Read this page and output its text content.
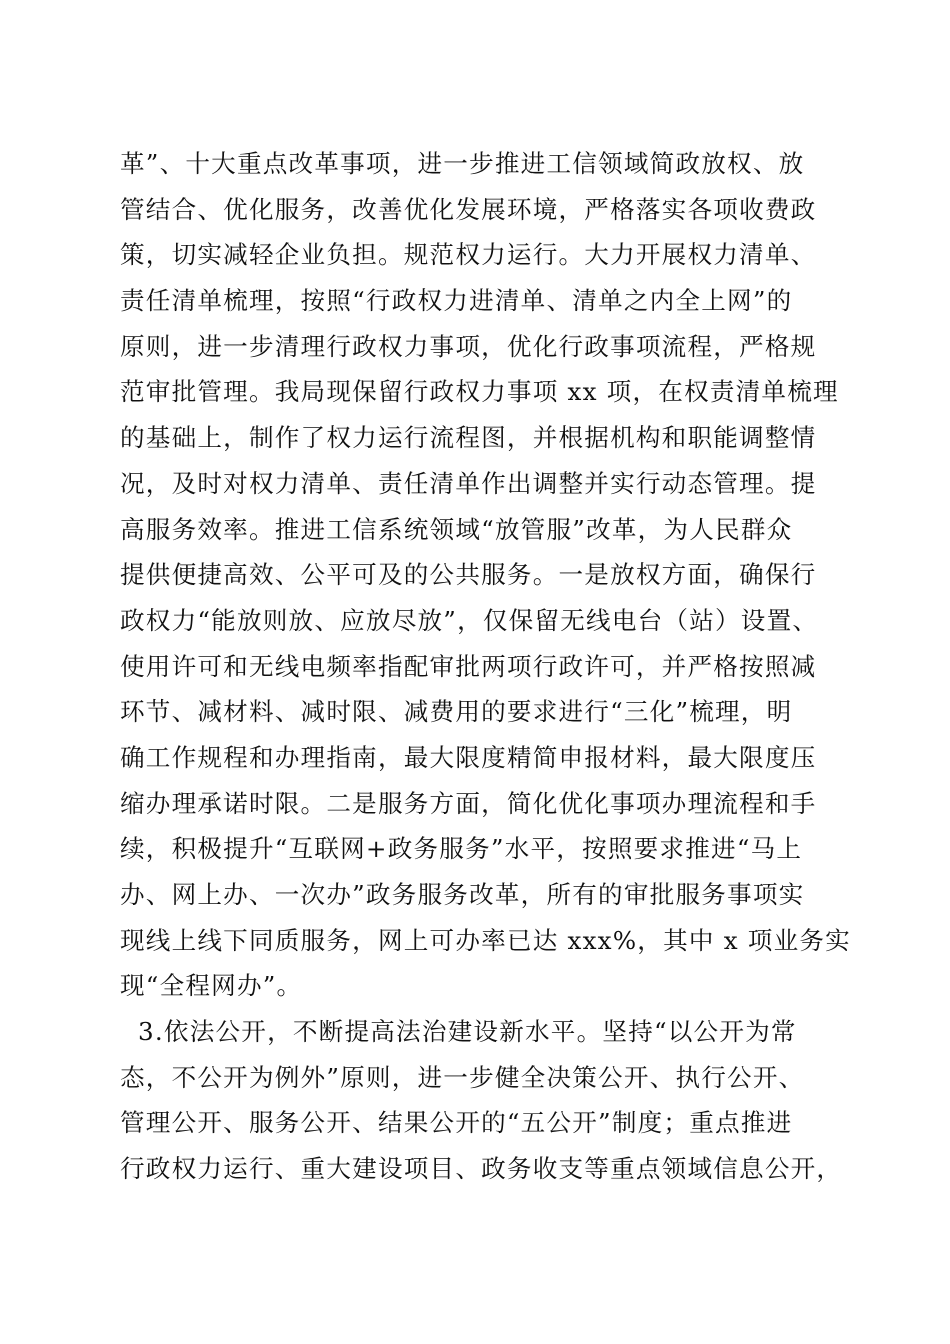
革”、十大重点改革事项，进一步推进工信领域简政放权、放
管结合、优化服务，改善优化发展环境，严格落实各项收费政
策，切实减轻企业负担。规范权力运行。大力开展权力清单、
责任清单梳理，按照“行政权力进清单、清单之内全上网”的
原则，进一步清理行政权力事项，优化行政事项流程，严格规
范审批管理。我局现保留行政权力事项 xx 项，在权责清单梳理
的基础上，制作了权力运行流程图，并根据机构和职能调整情
况，及时对权力清单、责任清单作出调整并实行动态管理。提
高服务效率。推进工信系统领域“放管服”改革，为人民群众
提供便捷高效、公平可及的公共服务。一是放权方面，确保行
政权力“能放则放、应放尽放”，仅保留无线电台（站）设置、
使用许可和无线电频率指配审批两项行政许可，并严格按照减
环节、减材料、减时限、减费用的要求进行“三化”梳理，明
确工作规程和办理指南，最大限度精简申报材料，最大限度压
缩办理承诺时限。二是服务方面，简化优化事项办理流程和手
续，积极提升“互联网+政务服务”水平，按照要求推进“马上
办、网上办、一次办”政务服务改革，所有的审批服务事项实
现线上线下同质服务，网上可办率已达 xxx%，其中 x 项业务实
现“全程网办”。
3.依法公开，不断提高法治建设新水平。坚持“以公开为常
态，不公开为例外”原则，进一步健全决策公开、执行公开、
管理公开、服务公开、结果公开的“五公开”制度；重点推进
行政权力运行、重大建设项目、政务收支等重点领域信息公开，
